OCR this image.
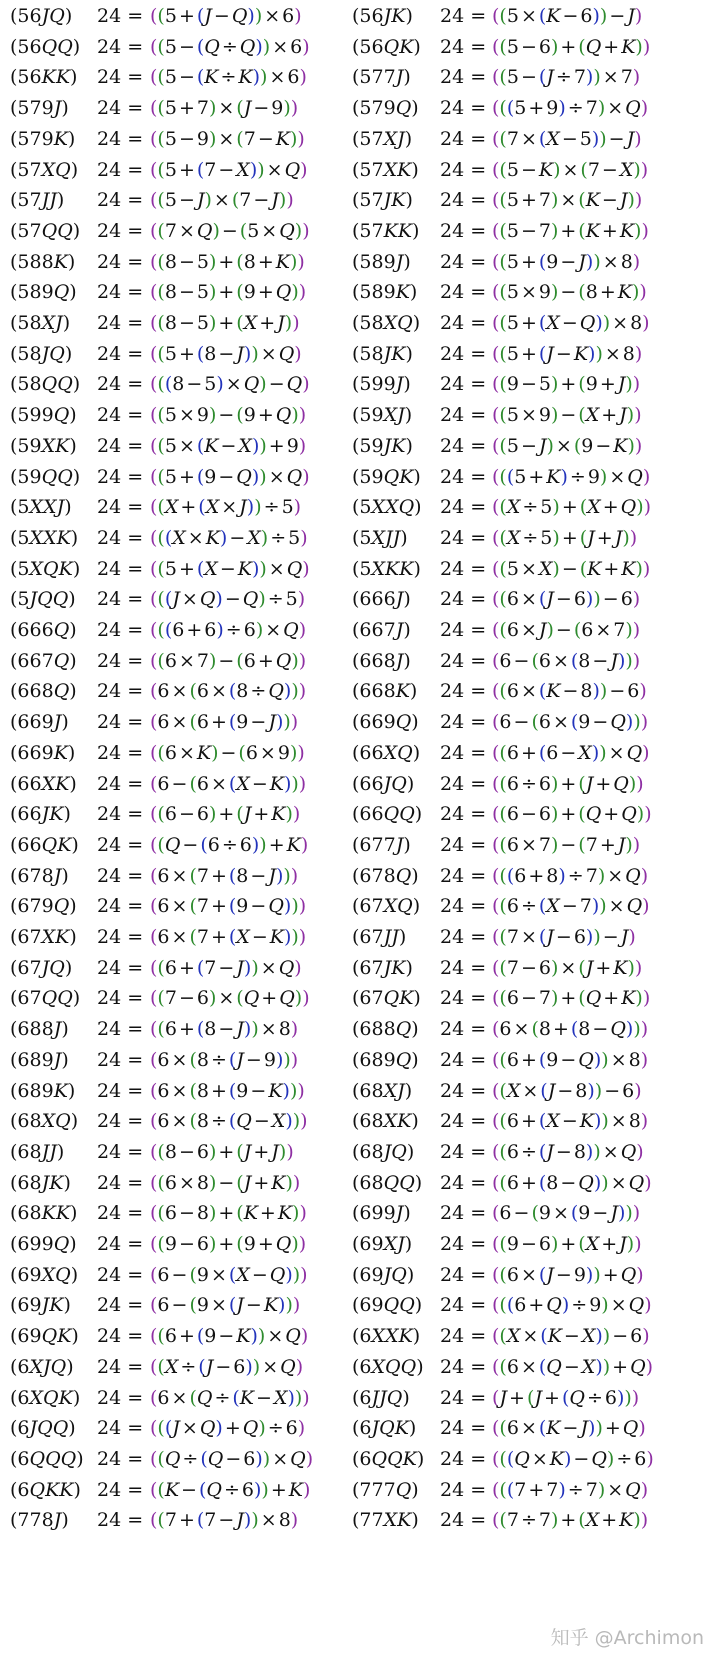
(56JQ) 24 = ((5 + (J − Q)) × 6)	(56JK) 24 = ((5 × (K − 6)) − J)
(56QQ) 24 = ((5 − (Q ÷ Q)) × 6) (56QK) 24 = ((5 − 6) + (Q + K))
(56KK) 24 = ((5 − (K ÷ K)) × 6) (577J) 24 = ((5 − (J ÷ 7)) × 7)
(579J) 24 = ((5 + 7) × (J − 9))	(579Q) 24 = (((5 + 9) ÷ 7) × Q)
(579K) 24 = ((5 − 9) × (7 − K)) (57XJ) 24 = ((7 × (X − 5)) − J)
(57XQ) 24 = ((5 + (7 − X)) × Q) (57XK) 24 = ((5 − K) × (7 − X))
(57JJ) 24 = ((5 − J) × (7 − J))	(57JK) 24 = ((5 + 7) × (K − J))
(57QQ) 24 = ((7 × Q) − (5 × Q)) (57KK) 24 = ((5 − 7) + (K + K))
(588K) 24 = ((8 − 5) + (8 + K)) (589J) 24 = ((5 + (9 − J)) × 8)
(589Q) 24 = ((8 − 5) + (9 + Q)) (589K) 24 = ((5 × 9) − (8 + K))
(58XJ) 24 = ((8 − 5) + (X + J))	(58XQ) 24 = ((5 + (X − Q)) × 8)
(58JQ) 24 = ((5 + (8 − J)) × Q)	(58JK) 24 = ((5 + (J − K)) × 8)
(58QQ) 24 = (((8 − 5) × Q) − Q) (599J) 24 = ((9 − 5) + (9 + J))
(599Q) 24 = ((5 × 9) − (9 + Q)) (59XJ) 24 = ((5 × 9) − (X + J))
(59XK) 24 = ((5 × (K − X)) + 9) (59JK) 24 = ((5 − J) × (9 − K))
(59QQ) 24 = ((5 + (9 − Q)) × Q) (59QK) 24 = (((5 + K) ÷ 9) × Q)
(5XXJ) 24 = ((X + (X × J)) ÷ 5)	(5XXQ) 24 = ((X ÷ 5) + (X + Q))
(5XXK) 24 = (((X × K) − X) ÷ 5) (5XJJ) 24 = ((X ÷ 5) + (J + J))
(5XQK) 24 = ((5 + (X − K)) × Q) (5XKK) 24 = ((5 × X) − (K + K))
(5JQQ) 24 = (((J × Q) − Q) ÷ 5) (666J) 24 = ((6 × (J − 6)) − 6)
(666Q) 24 = (((6 + 6) ÷ 6) × Q) (667J) 24 = ((6 × J) − (6 × 7))
(667Q) 24 = ((6 × 7) − (6 + Q)) (668J) 24 = (6 − (6 × (8 − J)))
(668Q) 24 = (6 × (6 × (8 ÷ Q))) (668K) 24 = ((6 × (K − 8)) − 6)
(669J) 24 = (6 × (6 + (9 − J)))	(669Q) 24 = (6 − (6 × (9 − Q)))
(669K) 24 = ((6 × K) − (6 × 9)) (66XQ) 24 = ((6 + (6 − X)) × Q)
(66XK) 24 = (6 − (6 × (X − K))) (66JQ) 24 = ((6 ÷ 6) + (J + Q))
(66JK) 24 = ((6 − 6) + (J + K))	(66QQ) 24 = ((6 − 6) + (Q + Q))
(66QK) 24 = ((Q − (6 ÷ 6)) + K) (677J) 24 = ((6 × 7) − (7 + J))
(678J) 24 = (6 × (7 + (8 − J)))	(678Q) 24 = (((6 + 8) ÷ 7) × Q)
(679Q) 24 = (6 × (7 + (9 − Q))) (67XQ) 24 = ((6 ÷ (X − 7)) × Q)
(67XK) 24 = (6 × (7 + (X − K))) (67JJ) 24 = ((7 × (J − 6)) − J)
(67JQ) 24 = ((6 + (7 − J)) × Q)	(67JK) 24 = ((7 − 6) × (J + K))
(67QQ) 24 = ((7 − 6) × (Q + Q)) (67QK) 24 = ((6 − 7) + (Q + K))
(688J) 24 = ((6 + (8 − J)) × 8)	(688Q) 24 = (6 × (8 + (8 − Q)))
(689J) 24 = (6 × (8 ÷ (J − 9)))	(689Q) 24 = ((6 + (9 − Q)) × 8)
(689K) 24 = (6 × (8 + (9 − K))) (68XJ) 24 = ((X × (J − 8)) − 6)
(68XQ) 24 = (6 × (8 ÷ (Q − X))) (68XK) 24 = ((6 + (X − K)) × 8)
(68JJ) 24 = ((8 − 6) + (J + J))	(68JQ) 24 = ((6 ÷ (J − 8)) × Q)
(68JK) 24 = ((6 × 8) − (J + K))	(68QQ) 24 = ((6 + (8 − Q)) × Q)
(68KK) 24 = ((6 − 8) + (K + K)) (699J) 24 = (6 − (9 × (9 − J)))
(699Q) 24 = ((9 − 6) + (9 + Q)) (69XJ) 24 = ((9 − 6) + (X + J))
(69XQ) 24 = (6 − (9 × (X − Q))) (69JQ) 24 = ((6 × (J − 9)) + Q)
(69JK) 24 = (6 − (9 × (J − K)))	(69QQ) 24 = (((6 + Q) ÷ 9) × Q)
(69QK) 24 = ((6 + (9 − K)) × Q) (6XXK) 24 = ((X × (K − X)) − 6)
(6XJQ) 24 = ((X ÷ (J − 6)) × Q)	(6XQQ) 24 = ((6 × (Q − X)) + Q)
(6XQK) 24 = (6 × (Q ÷ (K − X))) (6JJQ) 24 = (J + (J + (Q ÷ 6)))
(6JQQ) 24 = (((J × Q) + Q) ÷ 6) (6JQK) 24 = ((6 × (K − J)) + Q)
(6QQQ) 24 = ((Q ÷ (Q − 6)) × Q) (6QQK) 24 = (((Q × K) − Q) ÷ 6)
(6QKK) 24 = ((K − (Q ÷ 6)) + K) (777Q) 24 = (((7 + 7) ÷ 7) × Q)
(778J) 24 = ((7 + (7 − J)) × 8)	(77XK) 24 = ((7 ÷ 7) + (X + K))
知乎 @Archimon
